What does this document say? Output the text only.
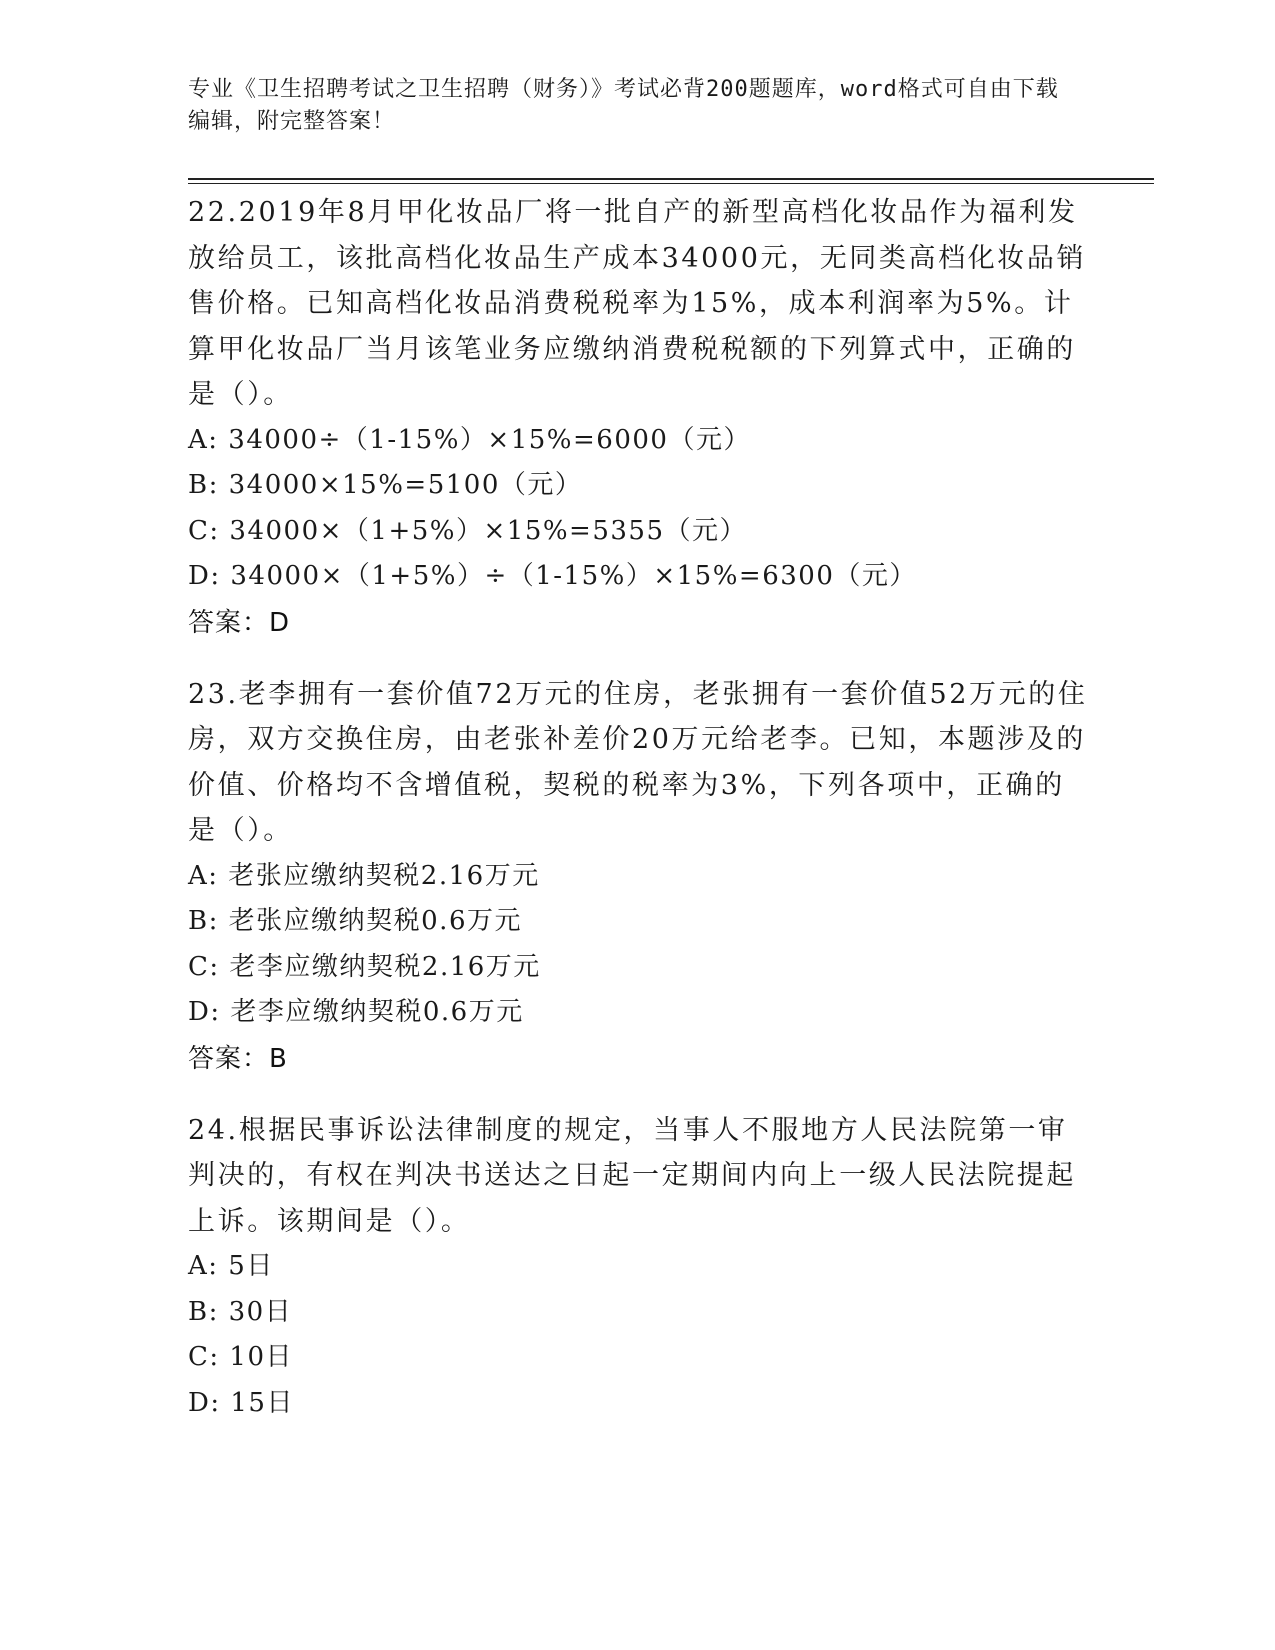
专业《卫生招聘考试之卫生招聘（财务）》考试必背200题题库，word格式可自由下载编辑，附完整答案！

22.2019年8月甲化妆品厂将一批自产的新型高档化妆品作为福利发放给员工，该批高档化妆品生产成本34000元，无同类高档化妆品销售价格。已知高档化妆品消费税税率为15%，成本利润率为5%。计算甲化妆品厂当月该笔业务应缴纳消费税税额的下列算式中，正确的是（）。

A: 34000÷（1-15%）×15%=6000（元）

B: 34000×15%=5100（元）

C: 34000×（1+5%）×15%=5355（元）

D: 34000×（1+5%）÷（1-15%）×15%=6300（元）

答案：D

23.老李拥有一套价值72万元的住房，老张拥有一套价值52万元的住房，双方交换住房，由老张补差价20万元给老李。已知，本题涉及的价值、价格均不含增值税，契税的税率为3%，下列各项中，正确的是（）。

A: 老张应缴纳契税2.16万元

B: 老张应缴纳契税0.6万元

C: 老李应缴纳契税2.16万元

D: 老李应缴纳契税0.6万元

答案：B

24.根据民事诉讼法律制度的规定，当事人不服地方人民法院第一审判决的，有权在判决书送达之日起一定期间内向上一级人民法院提起上诉。该期间是（）。

A: 5日

B: 30日

C: 10日

D: 15日
